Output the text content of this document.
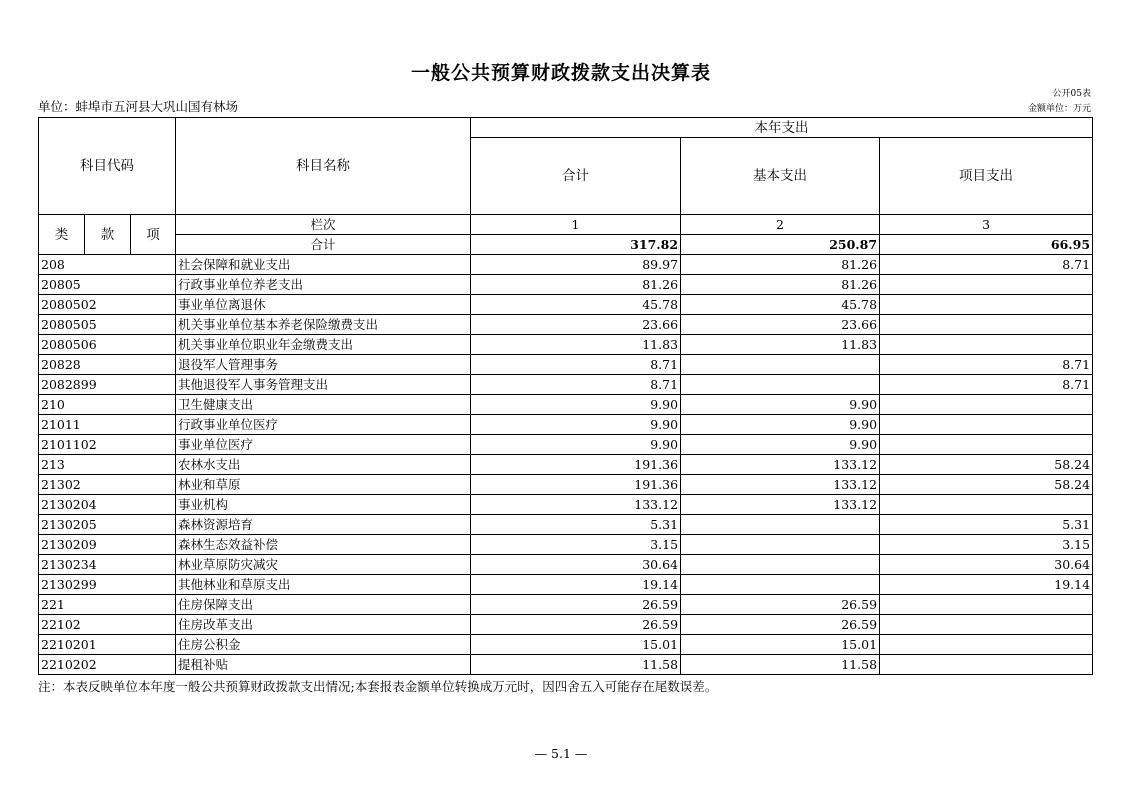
一般公共预算财政拨款支出决算表
公开05表
单位：蚌埠市五河县大巩山国有林场	金额单位：万元
科目代码			科目名称	本年支出		
				合计	基本支出	项目支出
类	款	项	栏次	1	2	3
			合计	317.82	250.87	66.95
208			社会保障和就业支出	89.97	81.26	8.71
20805			行政事业单位养老支出	81.26	81.26	
2080502			事业单位离退休	45.78	45.78	
2080505			机关事业单位基本养老保险缴费支出	23.66	23.66	
2080506			机关事业单位职业年金缴费支出	11.83	11.83	
20828			退役军人管理事务	8.71		8.71
2082899			其他退役军人事务管理支出	8.71		8.71
210			卫生健康支出	9.90	9.90	
21011			行政事业单位医疗	9.90	9.90	
2101102			事业单位医疗	9.90	9.90	
213			农林水支出	191.36	133.12	58.24
21302			林业和草原	191.36	133.12	58.24
2130204			事业机构	133.12	133.12	
2130205			森林资源培育	5.31		5.31
2130209			森林生态效益补偿	3.15		3.15
2130234			林业草原防灾减灾	30.64		30.64
2130299			其他林业和草原支出	19.14		19.14
221			住房保障支出	26.59	26.59	
22102			住房改革支出	26.59	26.59	
2210201			住房公积金	15.01	15.01	
2210202			提租补贴	11.58	11.58	
注：本表反映单位本年度一般公共预算财政拨款支出情况;本套报表金额单位转换成万元时，因四舍五入可能存在尾数误差。
— 5.1 —
